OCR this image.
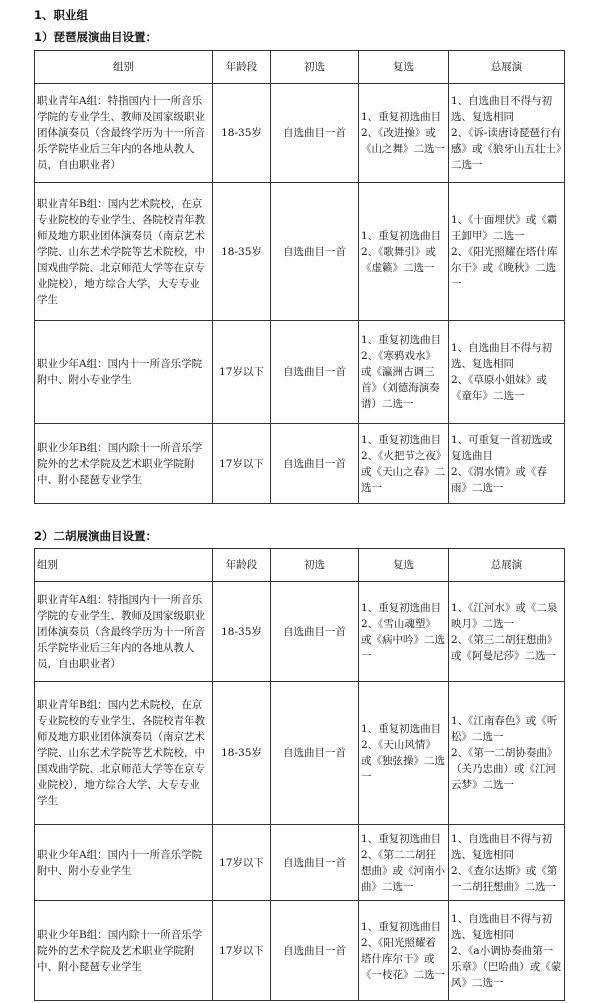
1、职业组
1）琵琶展演曲目设置：
组别	年龄段	初选	复选	总展演
职业青年A组：特指国内十一所音乐学院的专业学生、教师及国家级职业团体演奏员（含最终学历为十一所音乐学院毕业后三年内的各地从教人员，自由职业者）	18-35岁	自选曲目一首	1、重复初选曲目
2、《改进操》或《山之舞》二选一	1、自选曲目不得与初选、复选相同
2、《诉-读唐诗琵琶行有感》或《狼牙山五壮士》二选一

职业青年B组：国内艺术院校，在京专业院校的专业学生、各院校青年教师及地方职业团体演奏员（南京艺术学院、山东艺术学院等艺术院校，中国戏曲学院、北京师范大学等在京专业院校），地方综合大学，大专专业学生	18-35岁	自选曲目一首	1、重复初选曲目
2、《歌舞引》或《虚籁》二选一	1、《十面埋伏》或《霸王卸甲》二选一
2、《阳光照耀在塔什库尔干》或《晚秋》二选一

职业少年A组：国内十一所音乐学院附中、附小专业学生	17岁以下	自选曲目一首	1、重复初选曲目
2、《寒鸦戏水》或《瀛洲古调三首》（刘德海演奏谱）二选一	1、自选曲目不得与初选、复选相同
2、《草原小姐妹》或《童年》二选一

职业少年B组：国内除十一所音乐学院外的艺术学院及艺术职业学院附中、附小琵琶专业学生	17岁以下	自选曲目一首	1、重复初选曲目
2、《火把节之夜》或《天山之春》二选一	1、可重复一首初选或复选曲目
2、《渭水情》或《春雨》二选一
2）二胡展演曲目设置：
组别	年龄段	初选	复选	总展演
职业青年A组：特指国内十一所音乐学院的专业学生、教师及国家级职业团体演奏员（含最终学历为十一所音乐学院毕业后三年内的各地从教人员，自由职业者）	18-35岁	自选曲目一首	1、重复初选曲目
2、《雪山魂塑》或《病中吟》二选一	1、《江河水》或《二泉映月》二选一
2、《第三二胡狂想曲》或《阿曼尼莎》二选一

职业青年B组：国内艺术院校，在京专业院校的专业学生、各院校青年教师及地方职业团体演奏员（南京艺术学院、山东艺术学院等艺术院校，中国戏曲学院、北京师范大学等在京专业院校），地方综合大学、大专专业学生	18-35岁	自选曲目一首	1、重复初选曲目
2、《天山风情》或《独弦操》二选一	1、《江南春色》或《听松》二选一
2、《第一二胡协奏曲》（关乃忠曲）或《江河云梦》二选一

职业少年A组：国内十一所音乐学院附中、附小专业学生	17岁以下	自选曲目一首	1、重复初选曲目
2、《第二二胡狂想曲》或《河南小曲》二选一	1、自选曲目不得与初选、复选相同
2、《查尔达斯》或《第一二胡狂想曲》二选一

职业少年B组：国内除十一所音乐学院外的艺术学院及艺术职业学院附中、附小琵琶专业学生	17岁以下	自选曲目一首	1、重复初选曲目
2、《阳光照耀着塔什库尔干》或《一枝花》二选一	1、自选曲目不得与初选、复选相同
2、《a小调协奏曲第一乐章》（巴哈曲）或《蒙风》二选一
